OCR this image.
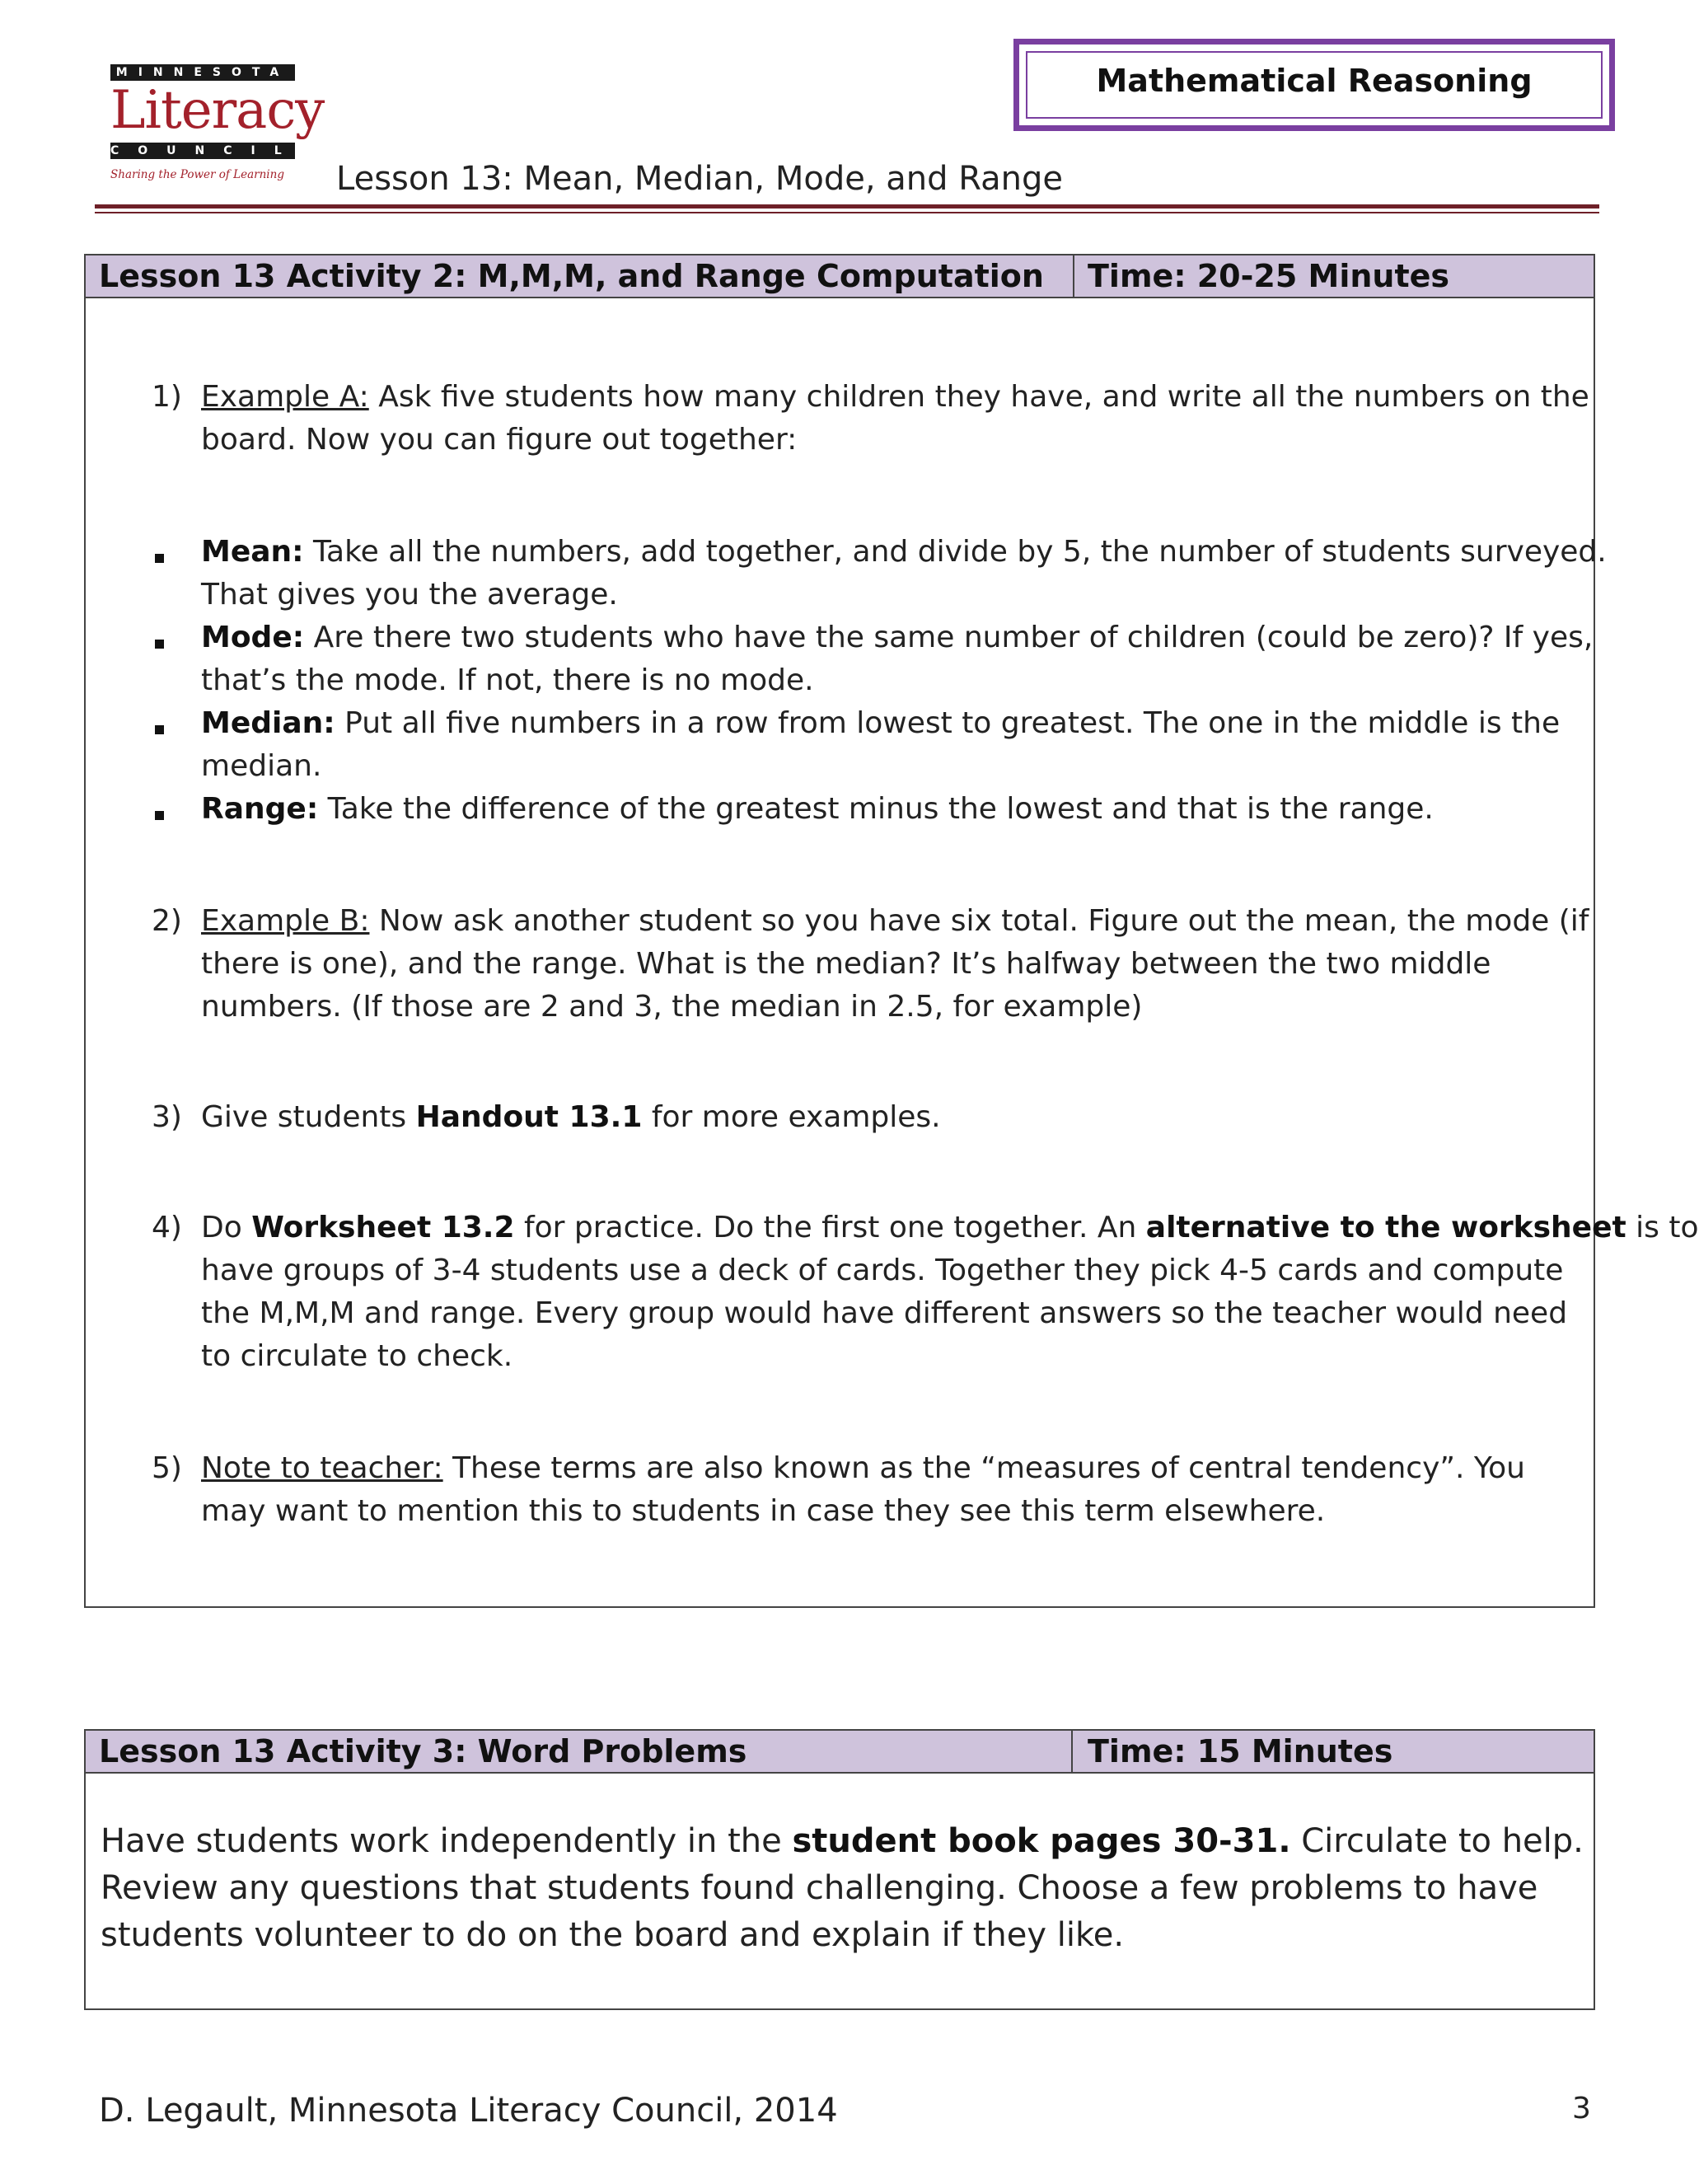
MINNESOTA
Literacy
COUNCIL
Sharing the Power of Learning
Mathematical Reasoning
Lesson 13: Mean, Median, Mode, and Range
Lesson 13 Activity 2: M,M,M, and Range Computation Time: 20-25 Minutes
1) Example A: Ask five students how many children they have, and write all the numbers on the
board. Now you can figure out together:
Mean: Take all the numbers, add together, and divide by 5, the number of students surveyed.
That gives you the average.
Mode: Are there two students who have the same number of children (could be zero)? If yes,
that’s the mode. If not, there is no mode.
Median: Put all five numbers in a row from lowest to greatest. The one in the middle is the
median.
Range: Take the difference of the greatest minus the lowest and that is the range.
2) Example B: Now ask another student so you have six total. Figure out the mean, the mode (if
there is one), and the range. What is the median? It’s halfway between the two middle
numbers. (If those are 2 and 3, the median in 2.5, for example)
3) Give students Handout 13.1 for more examples.
4) Do Worksheet 13.2 for practice. Do the first one together. An alternative to the worksheet is to
have groups of 3-4 students use a deck of cards. Together they pick 4-5 cards and compute
the M,M,M and range. Every group would have different answers so the teacher would need
to circulate to check.
5) Note to teacher: These terms are also known as the “measures of central tendency”. You
may want to mention this to students in case they see this term elsewhere.
Lesson 13 Activity 3: Word Problems	Time: 15 Minutes
Have students work independently in the student book pages 30-31. Circulate to help.
Review any questions that students found challenging. Choose a few problems to have
students volunteer to do on the board and explain if they like.
D. Legault, Minnesota Literacy Council, 2014	3
